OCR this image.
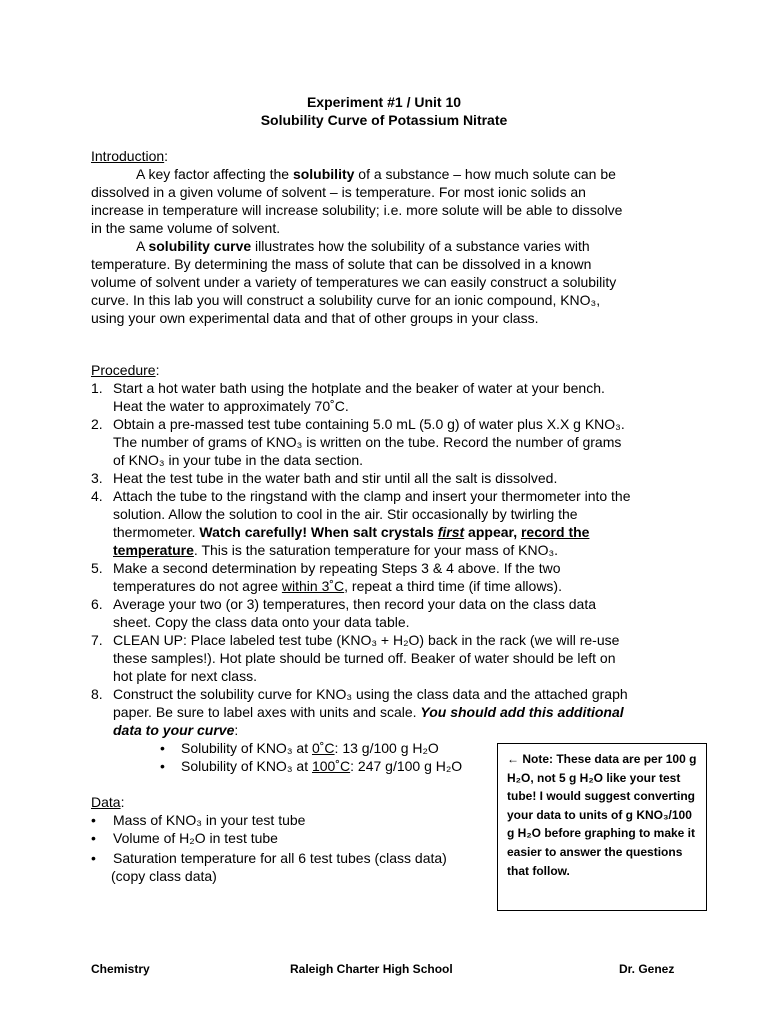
Experiment #1 / Unit 10
Solubility Curve of Potassium Nitrate
Introduction:
A key factor affecting the solubility of a substance – how much solute can be
dissolved in a given volume of solvent – is temperature. For most ionic solids an
increase in temperature will increase solubility; i.e. more solute will be able to dissolve
in the same volume of solvent.
A solubility curve illustrates how the solubility of a substance varies with
temperature. By determining the mass of solute that can be dissolved in a known
volume of solvent under a variety of temperatures we can easily construct a solubility
curve. In this lab you will construct a solubility curve for an ionic compound, KNO₃,
using your own experimental data and that of other groups in your class.
Procedure:
1. Start a hot water bath using the hotplate and the beaker of water at your bench.
Heat the water to approximately 70˚C.
2. Obtain a pre-massed test tube containing 5.0 mL (5.0 g) of water plus X.X g KNO₃.
The number of grams of KNO₃ is written on the tube. Record the number of grams
of KNO₃ in your tube in the data section.
3. Heat the test tube in the water bath and stir until all the salt is dissolved.
4. Attach the tube to the ringstand with the clamp and insert your thermometer into the
solution. Allow the solution to cool in the air. Stir occasionally by twirling the
thermometer. Watch carefully! When salt crystals first appear, record the
temperature. This is the saturation temperature for your mass of KNO₃.
5. Make a second determination by repeating Steps 3 & 4 above. If the two
temperatures do not agree within 3˚C, repeat a third time (if time allows).
6. Average your two (or 3) temperatures, then record your data on the class data
sheet. Copy the class data onto your data table.
7. CLEAN UP: Place labeled test tube (KNO₃ + H₂O) back in the rack (we will re-use
these samples!). Hot plate should be turned off. Beaker of water should be left on
hot plate for next class.
8. Construct the solubility curve for KNO₃ using the class data and the attached graph
paper. Be sure to label axes with units and scale. You should add this additional
data to your curve:
• Solubility of KNO₃ at 0˚C: 13 g/100 g H₂O
• Solubility of KNO₃ at 100˚C: 247 g/100 g H₂O
Data:
• Mass of KNO₃ in your test tube
• Volume of H₂O in test tube
• Saturation temperature for all 6 test tubes (class data)
(copy class data)
← Note: These data are per 100 g H₂O, not 5 g H₂O like your test tube! I would suggest converting your data to units of g KNO₃/100 g H₂O before graphing to make it easier to answer the questions that follow.
Chemistry	Raleigh Charter High School	Dr. Genez
